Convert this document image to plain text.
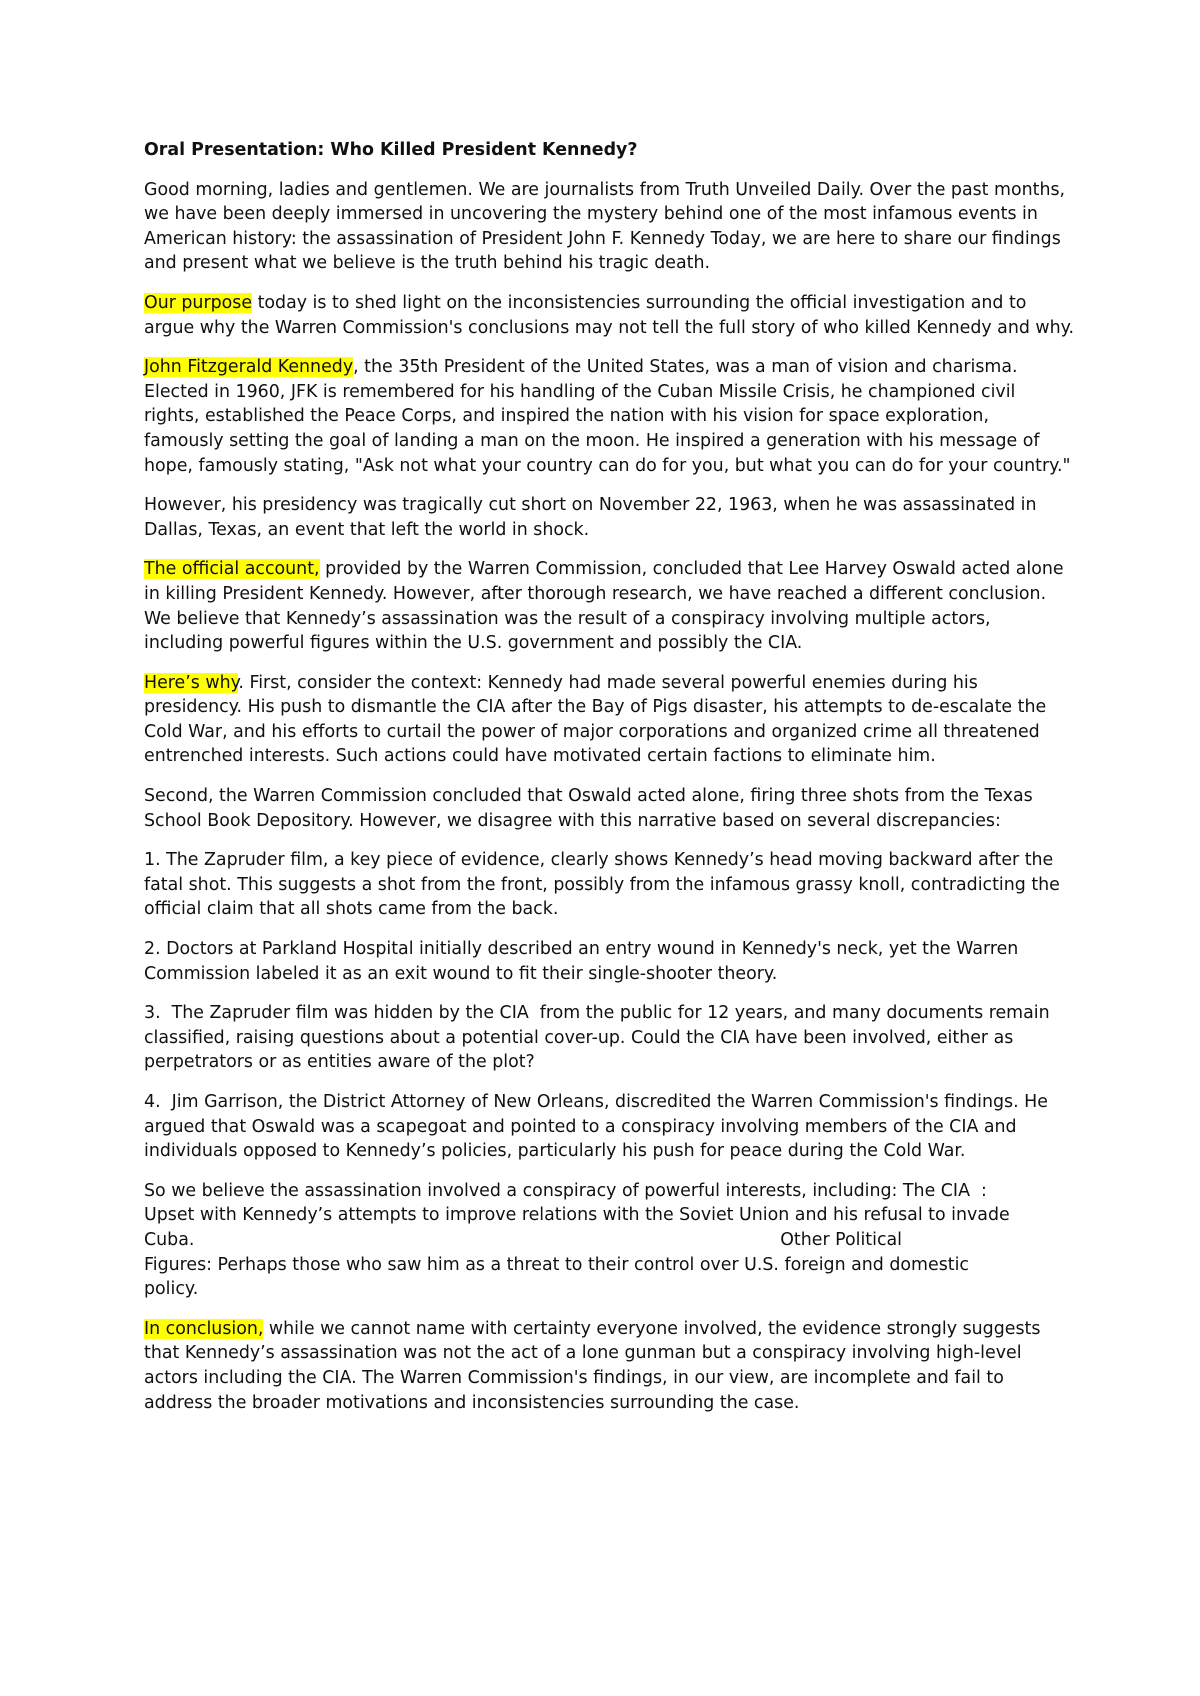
Oral Presentation: Who Killed President Kennedy?

Good morning, ladies and gentlemen. We are journalists from Truth Unveiled Daily. Over the past months, we have been deeply immersed in uncovering the mystery behind one of the most infamous events in American history: the assassination of President John F. Kennedy Today, we are here to share our findings and present what we believe is the truth behind his tragic death.

Our purpose today is to shed light on the inconsistencies surrounding the official investigation and to argue why the Warren Commission's conclusions may not tell the full story of who killed Kennedy and why.

John Fitzgerald Kennedy, the 35th President of the United States, was a man of vision and charisma. Elected in 1960, JFK is remembered for his handling of the Cuban Missile Crisis, he championed civil rights, established the Peace Corps, and inspired the nation with his vision for space exploration, famously setting the goal of landing a man on the moon. He inspired a generation with his message of hope, famously stating, "Ask not what your country can do for you, but what you can do for your country."

However, his presidency was tragically cut short on November 22, 1963, when he was assassinated in Dallas, Texas, an event that left the world in shock.

The official account, provided by the Warren Commission, concluded that Lee Harvey Oswald acted alone in killing President Kennedy. However, after thorough research, we have reached a different conclusion. We believe that Kennedy’s assassination was the result of a conspiracy involving multiple actors, including powerful figures within the U.S. government and possibly the CIA.

Here’s why. First, consider the context: Kennedy had made several powerful enemies during his presidency. His push to dismantle the CIA after the Bay of Pigs disaster, his attempts to de-escalate the Cold War, and his efforts to curtail the power of major corporations and organized crime all threatened entrenched interests. Such actions could have motivated certain factions to eliminate him.

Second, the Warren Commission concluded that Oswald acted alone, firing three shots from the Texas School Book Depository. However, we disagree with this narrative based on several discrepancies:

1. The Zapruder film, a key piece of evidence, clearly shows Kennedy’s head moving backward after the fatal shot. This suggests a shot from the front, possibly from the infamous grassy knoll, contradicting the official claim that all shots came from the back.

2. Doctors at Parkland Hospital initially described an entry wound in Kennedy's neck, yet the Warren Commission labeled it as an exit wound to fit their single-shooter theory.

3.  The Zapruder film was hidden by the CIA  from the public for 12 years, and many documents remain classified, raising questions about a potential cover-up. Could the CIA have been involved, either as perpetrators or as entities aware of the plot?

4.  Jim Garrison, the District Attorney of New Orleans, discredited the Warren Commission's findings. He argued that Oswald was a scapegoat and pointed to a conspiracy involving members of the CIA and individuals opposed to Kennedy’s policies, particularly his push for peace during the Cold War.

So we believe the assassination involved a conspiracy of powerful interests, including: The CIA  :
Upset with Kennedy’s attempts to improve relations with the Soviet Union and his refusal to invade
Cuba.	Other Political
Figures: Perhaps those who saw him as a threat to their control over U.S. foreign and domestic
policy.

In conclusion, while we cannot name with certainty everyone involved, the evidence strongly suggests that Kennedy’s assassination was not the act of a lone gunman but a conspiracy involving high-level actors including the CIA. The Warren Commission's findings, in our view, are incomplete and fail to address the broader motivations and inconsistencies surrounding the case.
